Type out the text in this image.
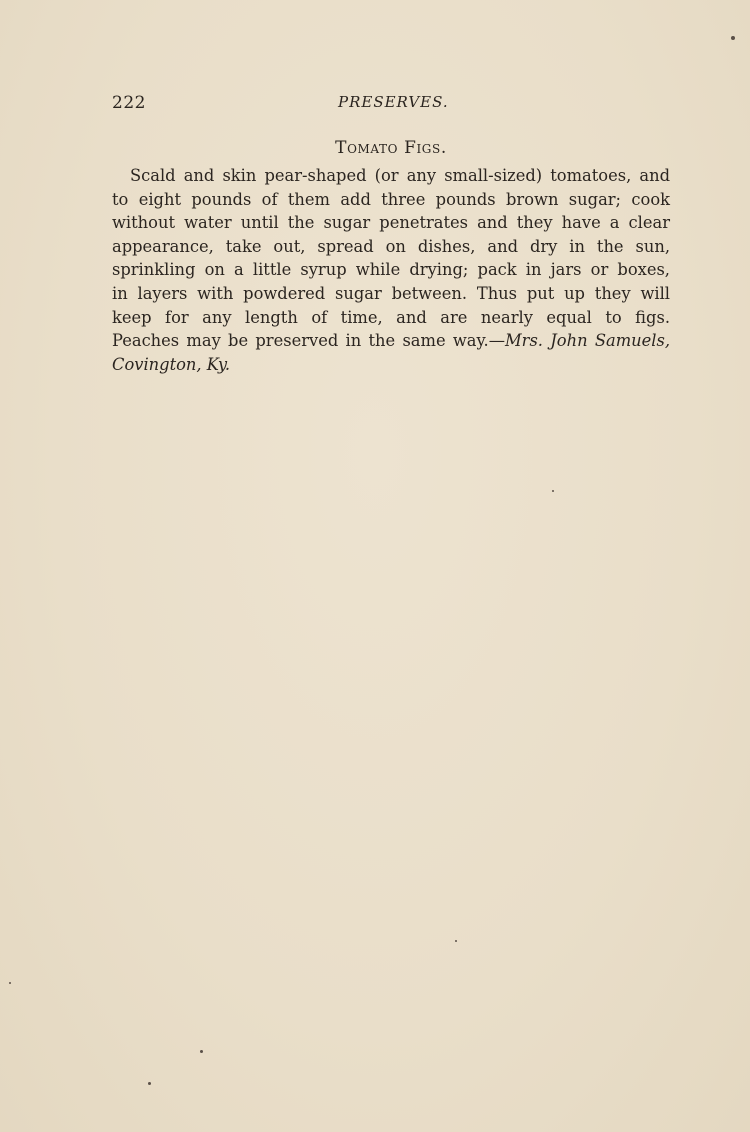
222	PRESERVES.
Tomato Figs.
Scald and skin pear-shaped (or any small-sized) tomatoes, and
to eight pounds of them add three pounds brown sugar; cook
without water until the sugar penetrates and they have a clear
appearance, take out, spread on dishes, and dry in the sun,
sprinkling on a little syrup while drying; pack in jars or boxes,
in layers with powdered sugar between. Thus put up they will
keep for any length of time, and are nearly equal to figs.
Peaches may be preserved in the same way.—Mrs. John Samuels,
Covington, Ky.
